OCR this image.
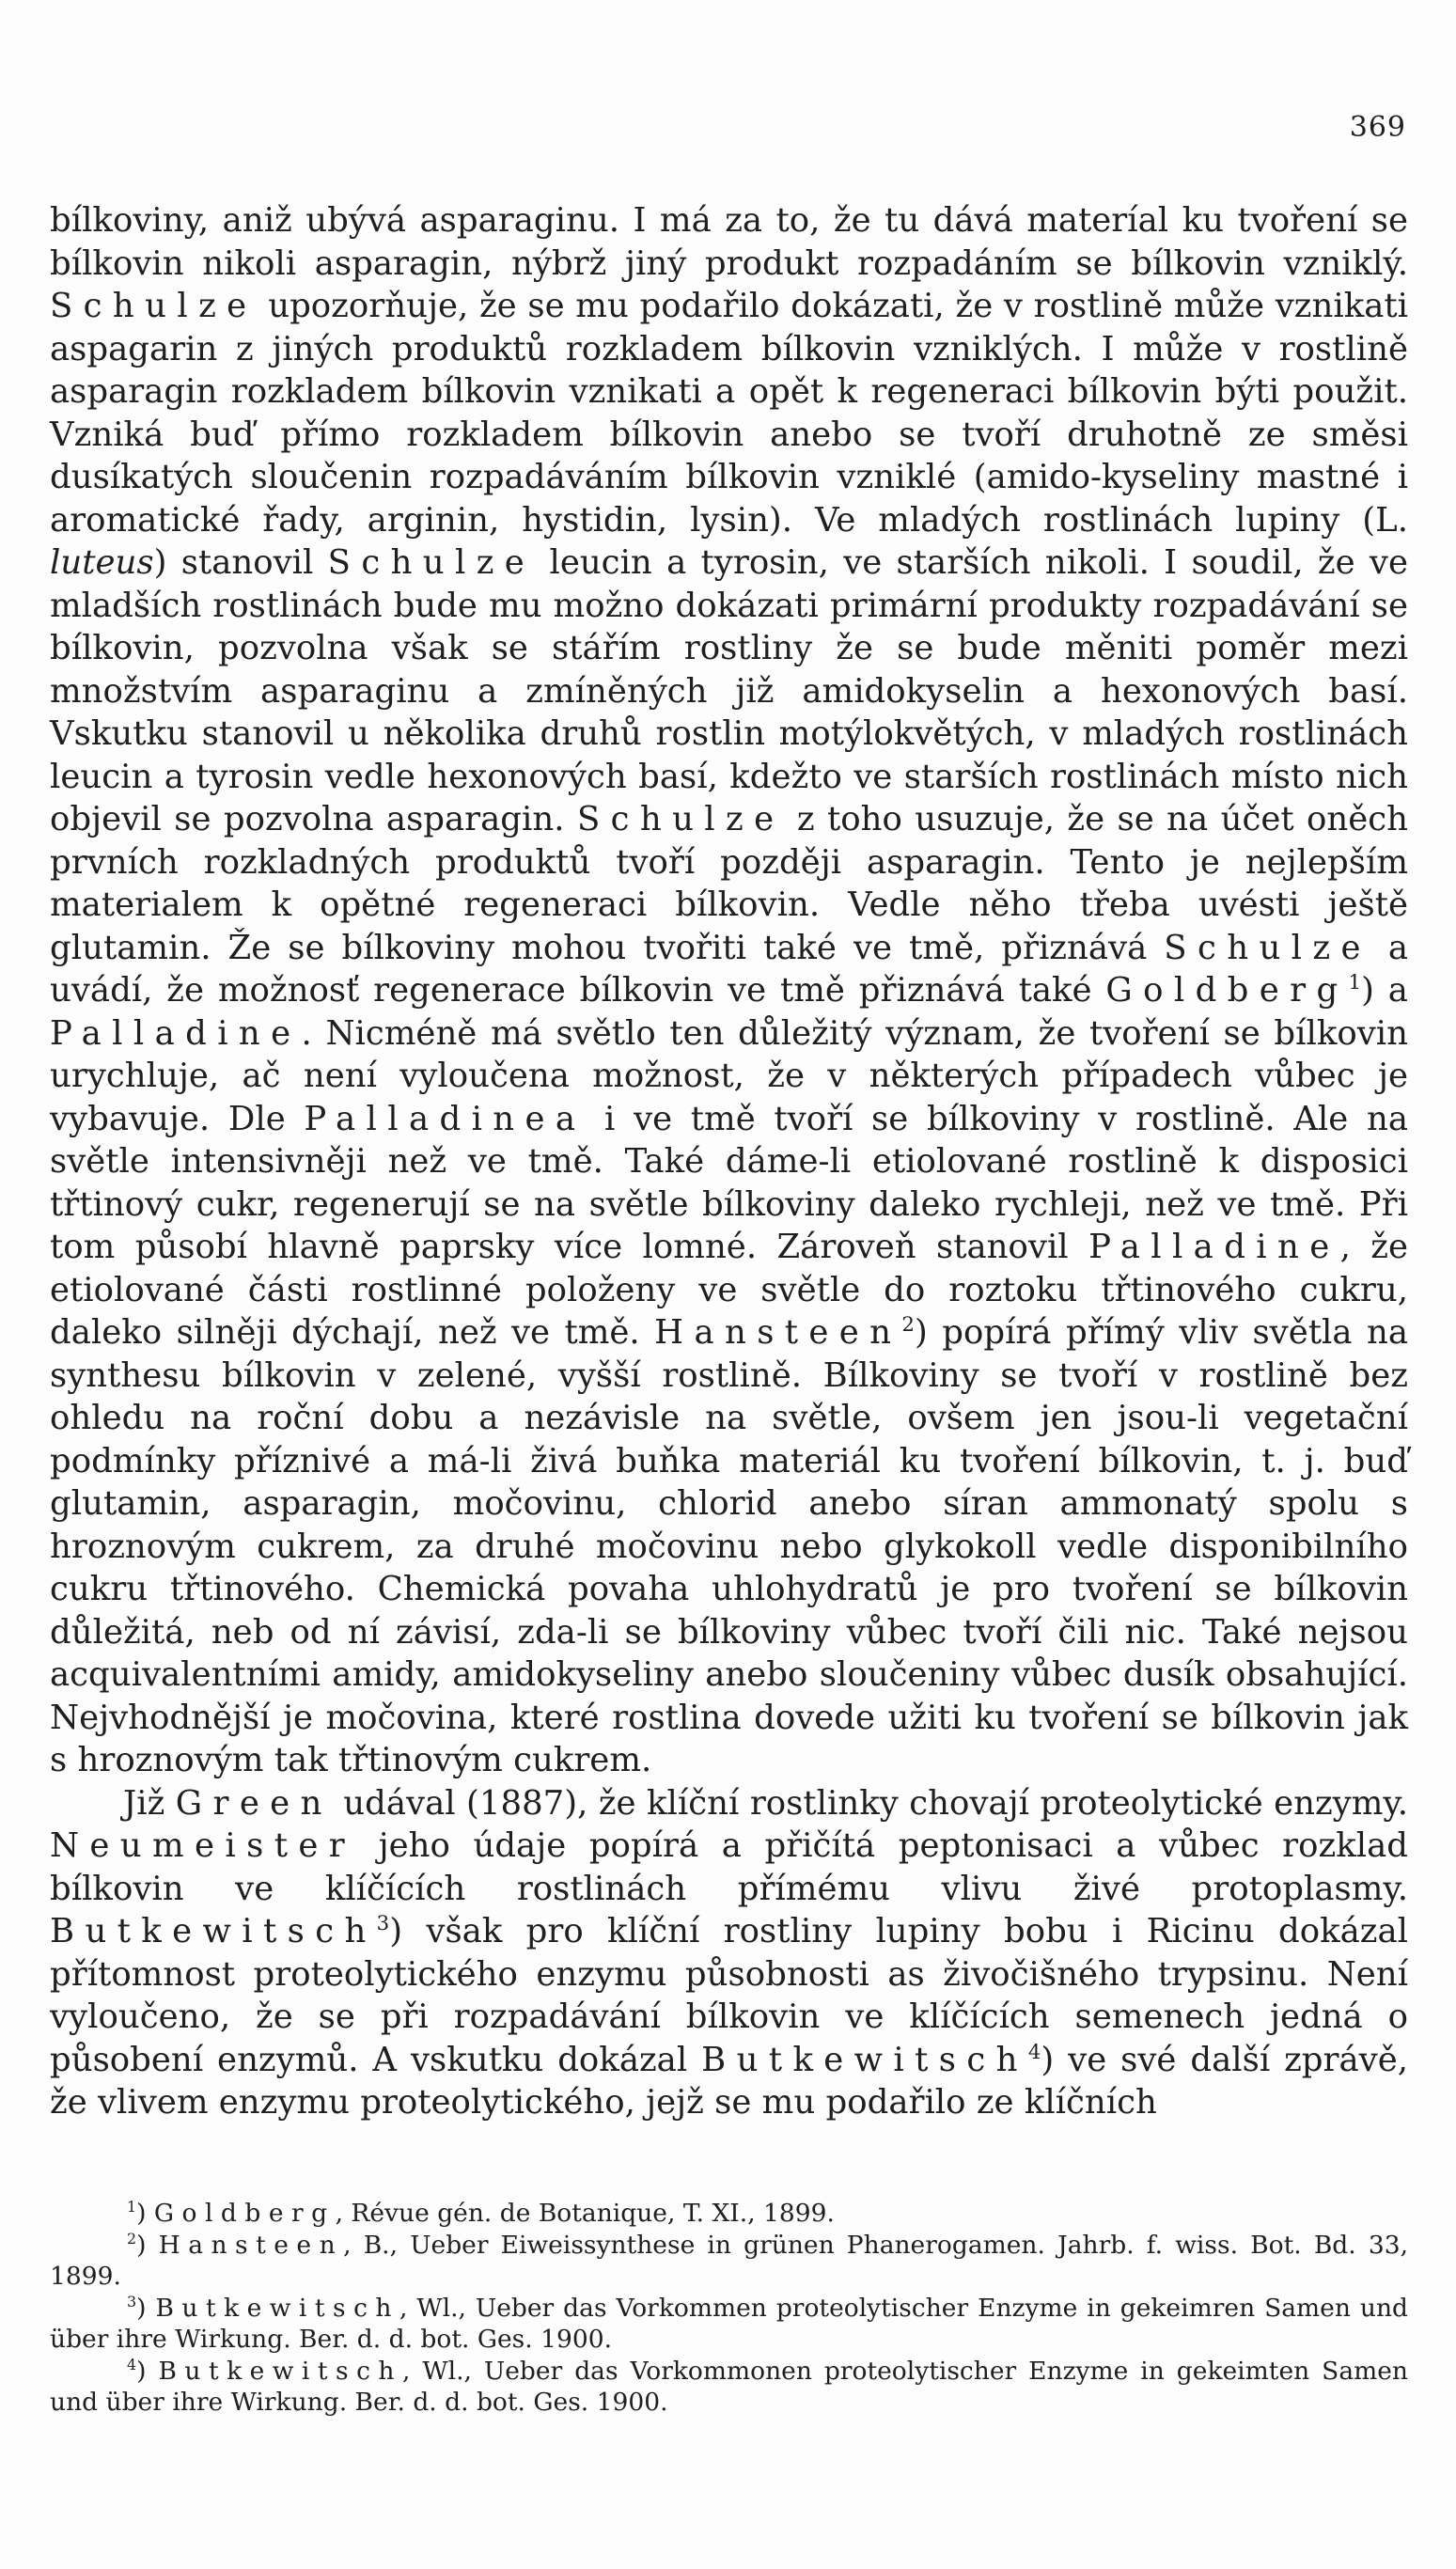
369

bílkoviny, aniž ubývá asparaginu. I má za to, že tu dává materíal ku tvoření se bílkovin nikoli asparagin, nýbrž jiný produkt rozpadáním se bílkovin vzniklý. Schulze upozorňuje, že se mu podařilo dokázati, že v rostlině může vznikati aspagarin z jiných produktů rozkladem bílkovin vzniklých. I může v rostlině asparagin rozkladem bílkovin vznikati a opět k regeneraci bílkovin býti použit. Vzniká buď přímo rozkladem bílkovin anebo se tvoří druhotně ze směsi dusíkatých sloučenin rozpadáváním bílkovin vzniklé (amido-kyseliny mastné i aromatické řady, arginin, hystidin, lysin). Ve mladých rostlinách lupiny (L. luteus) stanovil Schulze leucin a tyrosin, ve starších nikoli. I soudil, že ve mladších rostlinách bude mu možno dokázati primární produkty rozpadávání se bílkovin, pozvolna však se stářím rostliny že se bude měniti poměr mezi množstvím asparaginu a zmíněných již amidokyselin a hexonových basí. Vskutku stanovil u několika druhů rostlin motýlokvětých, v mladých rostlinách leucin a tyrosin vedle hexonových basí, kdežto ve starších rostlinách místo nich objevil se pozvolna asparagin. Schulze z toho usuzuje, že se na účet oněch prvních rozkladných produktů tvoří později asparagin. Tento je nejlepším materialem k opětné regeneraci bílkovin. Vedle něho třeba uvésti ještě glutamin. Že se bílkoviny mohou tvořiti také ve tmě, přiznává Schulze a uvádí, že možnosť regenerace bílkovin ve tmě přiznává také Goldberg$^1$) a Palladine. Nicméně má světlo ten důležitý význam, že tvoření se bílkovin urychluje, ač není vyloučena možnost, že v některých případech vůbec je vybavuje. Dle Palladinea i ve tmě tvoří se bílkoviny v rostlině. Ale na světle intensivněji než ve tmě. Také dáme-li etiolované rostlině k disposici třtinový cukr, regenerují se na světle bílkoviny daleko rychleji, než ve tmě. Při tom působí hlavně paprsky více lomné. Zároveň stanovil Palladine, že etiolované části rostlinné položeny ve světle do roztoku třtinového cukru, daleko silněji dýchají, než ve tmě. Hansteen$^2$) popírá přímý vliv světla na synthesu bílkovin v zelené, vyšší rostlině. Bílkoviny se tvoří v rostlině bez ohledu na roční dobu a nezávisle na světle, ovšem jen jsou-li vegetační podmínky příznivé a má-li živá buňka materiál ku tvoření bílkovin, t. j. buď glutamin, asparagin, močovinu, chlorid anebo síran ammonatý spolu s hroznovým cukrem, za druhé močovinu nebo glykokoll vedle disponibilního cukru třtinového. Chemická povaha uhlohydratů je pro tvoření se bílkovin důležitá, neb od ní závisí, zda-li se bílkoviny vůbec tvoří čili nic. Také nejsou acquivalentními amidy, amidokyseliny anebo sloučeniny vůbec dusík obsahující. Nejvhodnější je močovina, které rostlina dovede užiti ku tvoření se bílkovin jak s hroznovým tak třtinovým cukrem.

Již Green udával (1887), že klíční rostlinky chovají proteolytické enzymy. Neumeister jeho údaje popírá a přičítá peptonisaci a vůbec rozklad bílkovin ve klíčících rostlinách přímému vlivu živé protoplasmy. Butkewitsch$^3$) však pro klíční rostliny lupiny bobu i Ricinu dokázal přítomnost proteolytického enzymu působnosti as živočišného trypsinu. Není vyloučeno, že se při rozpadávání bílkovin ve klíčících semenech jedná o působení enzymů. A vskutku dokázal Butkewitsch$^4$) ve své další zprávě, že vlivem enzymu proteolytického, jejž se mu podařilo ze klíčních

$^1$) Goldberg, Révue gén. de Botanique, T. XI., 1899.

$^2$) Hansteen, B., Ueber Eiweissynthese in grünen Phanerogamen. Jahrb. f. wiss. Bot. Bd. 33, 1899.

$^3$) Butkewitsch, Wl., Ueber das Vorkommen proteolytischer Enzyme in gekeimren Samen und über ihre Wirkung. Ber. d. d. bot. Ges. 1900.

$^4$) Butkewitsch, Wl., Ueber das Vorkommonen proteolytischer Enzyme in gekeimten Samen und über ihre Wirkung. Ber. d. d. bot. Ges. 1900.
